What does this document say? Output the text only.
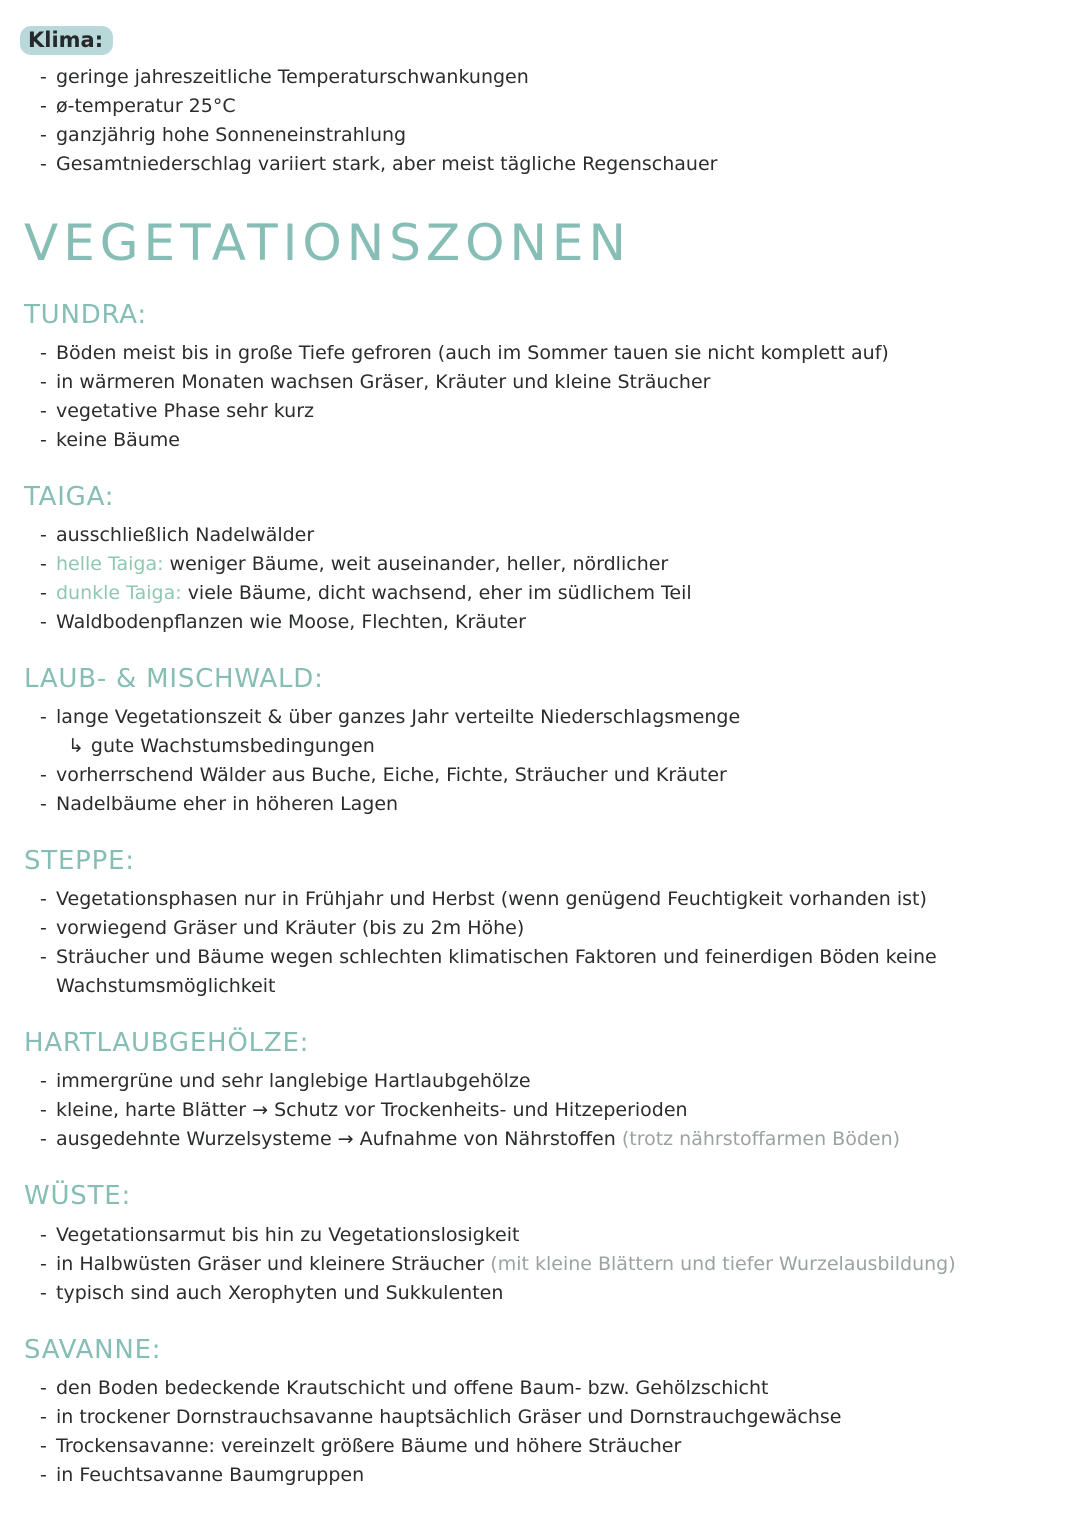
Klima:
- geringe jahreszeitliche Temperaturschwankungen
- ø-temperatur 25°C
- ganzjährig hohe Sonneneinstrahlung
- Gesamtniederschlag variiert stark, aber meist tägliche Regenschauer
VEGETATIONSZONEN
TUNDRA:
- Böden meist bis in große Tiefe gefroren (auch im Sommer tauen sie nicht komplett auf)
- in wärmeren Monaten wachsen Gräser, Kräuter und kleine Sträucher
- vegetative Phase sehr kurz
- keine Bäume
TAIGA:
- ausschließlich Nadelwälder
- helle Taiga: weniger Bäume, weit auseinander, heller, nördlicher
- dunkle Taiga: viele Bäume, dicht wachsend, eher im südlichem Teil
- Waldbodenpflanzen wie Moose, Flechten, Kräuter
LAUB- & MISCHWALD:
- lange Vegetationszeit & über ganzes Jahr verteilte Niederschlagsmenge
↳ gute Wachstumsbedingungen
- vorherrschend Wälder aus Buche, Eiche, Fichte, Sträucher und Kräuter
- Nadelbäume eher in höheren Lagen
STEPPE:
- Vegetationsphasen nur in Frühjahr und Herbst (wenn genügend Feuchtigkeit vorhanden ist)
- vorwiegend Gräser und Kräuter (bis zu 2m Höhe)
- Sträucher und Bäume wegen schlechten klimatischen Faktoren und feinerdigen Böden keine Wachstumsmöglichkeit
HARTLAUBGEHÖLZE:
- immergrüne und sehr langlebige Hartlaubgehölze
- kleine, harte Blätter → Schutz vor Trockenheits- und Hitzeperioden
- ausgedehnte Wurzelsysteme → Aufnahme von Nährstoffen (trotz nährstoffarmen Böden)
WÜSTE:
- Vegetationsarmut bis hin zu Vegetationslosigkeit
- in Halbwüsten Gräser und kleinere Sträucher (mit kleine Blättern und tiefer Wurzelausbildung)
- typisch sind auch Xerophyten und Sukkulenten
SAVANNE:
- den Boden bedeckende Krautschicht und offene Baum- bzw. Gehölzschicht
- in trockener Dornstrauchsavanne hauptsächlich Gräser und Dornstrauchgewächse
- Trockensavanne: vereinzelt größere Bäume und höhere Sträucher
- in Feuchtsavanne Baumgruppen
